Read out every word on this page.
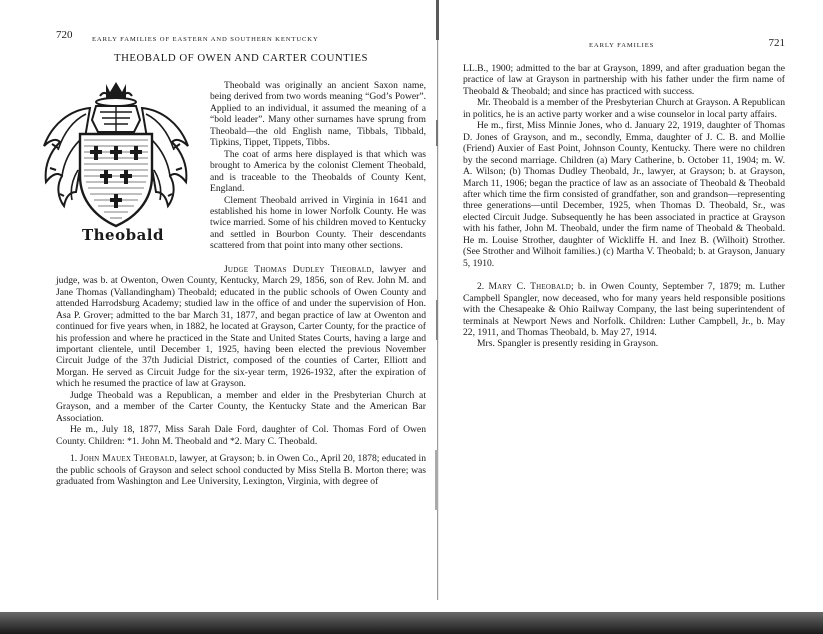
720	EARLY FAMILIES OF EASTERN AND SOUTHERN KENTUCKY
THEOBALD OF OWEN AND CARTER COUNTIES
Theobald

Theobald was originally an ancient Saxon name, being derived from two words meaning “God’s Power”. Applied to an individual, it assumed the meaning of a “bold leader”. Many other surnames have sprung from Theobald—the old English name, Tibbals, Tibbald, Tipkins, Tippet, Tippets, Tibbs.

The coat of arms here displayed is that which was brought to America by the colonist Clement Theobald, and is traceable to the Theobalds of County Kent, England.

Clement Theobald arrived in Virginia in 1641 and established his home in lower Norfolk County. He was twice married. Some of his children moved to Kentucky and settled in Bourbon County. Their descendants scattered from that point into many other sections.

Judge Thomas Dudley Theobald, lawyer and judge, was b. at Owenton, Owen County, Kentucky, March 29, 1856, son of Rev. John M. and Jane Thomas (Vallandingham) Theobald; educated in the public schools of Owen County and attended Harrodsburg Academy; studied law in the office of and under the supervision of Hon. Asa P. Grover; admitted to the bar March 31, 1877, and began practice of law at Owenton and continued for five years when, in 1882, he located at Grayson, Carter County, for the practice of his profession and where he practiced in the State and United States Courts, having a large and important clientele, until December 1, 1925, having been elected the previous November Circuit Judge of the 37th Judicial District, composed of the counties of Carter, Elliott and Morgan. He served as Circuit Judge for the six-year term, 1926-1932, after the expiration of which he resumed the practice of law at Grayson.

Judge Theobald was a Republican, a member and elder in the Presbyterian Church at Grayson, and a member of the Carter County, the Kentucky State and the American Bar Association.

He m., July 18, 1877, Miss Sarah Dale Ford, daughter of Col. Thomas Ford of Owen County. Children: *1. John M. Theobald and *2. Mary C. Theobald.

1. John Mauex Theobald, lawyer, at Grayson; b. in Owen Co., April 20, 1878; educated in the public schools of Grayson and select school conducted by Miss Stella B. Morton there; was graduated from Washington and Lee University, Lexington, Virginia, with degree of

EARLY FAMILIES	721

LL.B., 1900; admitted to the bar at Grayson, 1899, and after graduation began the practice of law at Grayson in partnership with his father under the firm name of Theobald & Theobald; and since has practiced with success.

Mr. Theobald is a member of the Presbyterian Church at Grayson. A Republican in politics, he is an active party worker and a wise counselor in local party affairs.

He m., first, Miss Minnie Jones, who d. January 22, 1919, daughter of Thomas D. Jones of Grayson, and m., secondly, Emma, daughter of J. C. B. and Mollie (Friend) Auxier of East Point, Johnson County, Kentucky. There were no children by the second marriage. Children (a) Mary Catherine, b. October 11, 1904; m. W. A. Wilson; (b) Thomas Dudley Theobald, Jr., lawyer, at Grayson; b. at Grayson, March 11, 1906; began the practice of law as an associate of Theobald & Theobald after which time the firm consisted of grandfather, son and grandson—representing three generations—until December, 1925, when Thomas D. Theobald, Sr., was elected Circuit Judge. Subsequently he has been associated in practice at Grayson with his father, John M. Theobald, under the firm name of Theobald & Theobald. He m. Louise Strother, daughter of Wickliffe H. and Inez B. (Wilhoit) Strother. (See Strother and Wilhoit families.) (c) Martha V. Theobald; b. at Grayson, January 5, 1910.

2. Mary C. Theobald; b. in Owen County, September 7, 1879; m. Luther Campbell Spangler, now deceased, who for many years held responsible positions with the Chesapeake & Ohio Railway Company, the last being superintendent of terminals at Newport News and Norfolk. Children: Luther Campbell, Jr., b. May 22, 1911, and Thomas Theobald, b. May 27, 1914.

Mrs. Spangler is presently residing in Grayson.
